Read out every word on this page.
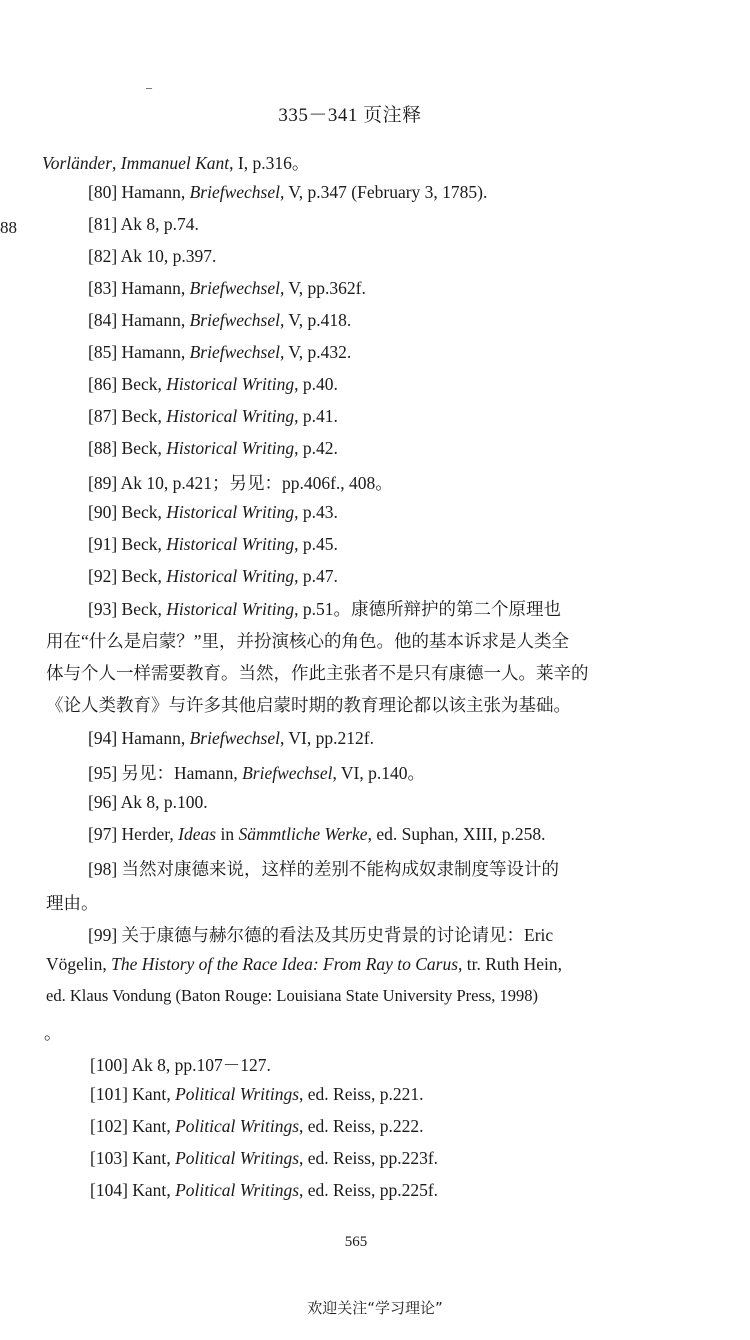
–
335－341 页注释
88
Vorländer, Immanuel Kant, I, p.316。
[80] Hamann, Briefwechsel, V, p.347 (February 3, 1785).
[81] Ak 8, p.74.
[82] Ak 10, p.397.
[83] Hamann, Briefwechsel, V, pp.362f.
[84] Hamann, Briefwechsel, V, p.418.
[85] Hamann, Briefwechsel, V, p.432.
[86] Beck, Historical Writing, p.40.
[87] Beck, Historical Writing, p.41.
[88] Beck, Historical Writing, p.42.
[89] Ak 10, p.421；另见：pp.406f., 408。
[90] Beck, Historical Writing, p.43.
[91] Beck, Historical Writing, p.45.
[92] Beck, Historical Writing, p.47.
[93] Beck, Historical Writing, p.51。康德所辩护的第二个原理也
用在“什么是启蒙？”里，并扮演核心的角色。他的基本诉求是人类全
体与个人一样需要教育。当然，作此主张者不是只有康德一人。莱辛的
《论人类教育》与许多其他启蒙时期的教育理论都以该主张为基础。
[94] Hamann, Briefwechsel, VI, pp.212f.
[95] 另见：Hamann, Briefwechsel, VI, p.140。
[96] Ak 8, p.100.
[97] Herder, Ideas in Sämmtliche Werke, ed. Suphan, XIII, p.258.
[98] 当然对康德来说，这样的差别不能构成奴隶制度等设计的
理由。
[99] 关于康德与赫尔德的看法及其历史背景的讨论请见：Eric
Vögelin, The History of the Race Idea: From Ray to Carus, tr. Ruth Hein,
ed. Klaus Vondung (Baton Rouge: Louisiana State University Press, 1998)
。
[100] Ak 8, pp.107－127.
[101] Kant, Political Writings, ed. Reiss, p.221.
[102] Kant, Political Writings, ed. Reiss, p.222.
[103] Kant, Political Writings, ed. Reiss, pp.223f.
[104] Kant, Political Writings, ed. Reiss, pp.225f.
565
欢迎关注“学习理论”
